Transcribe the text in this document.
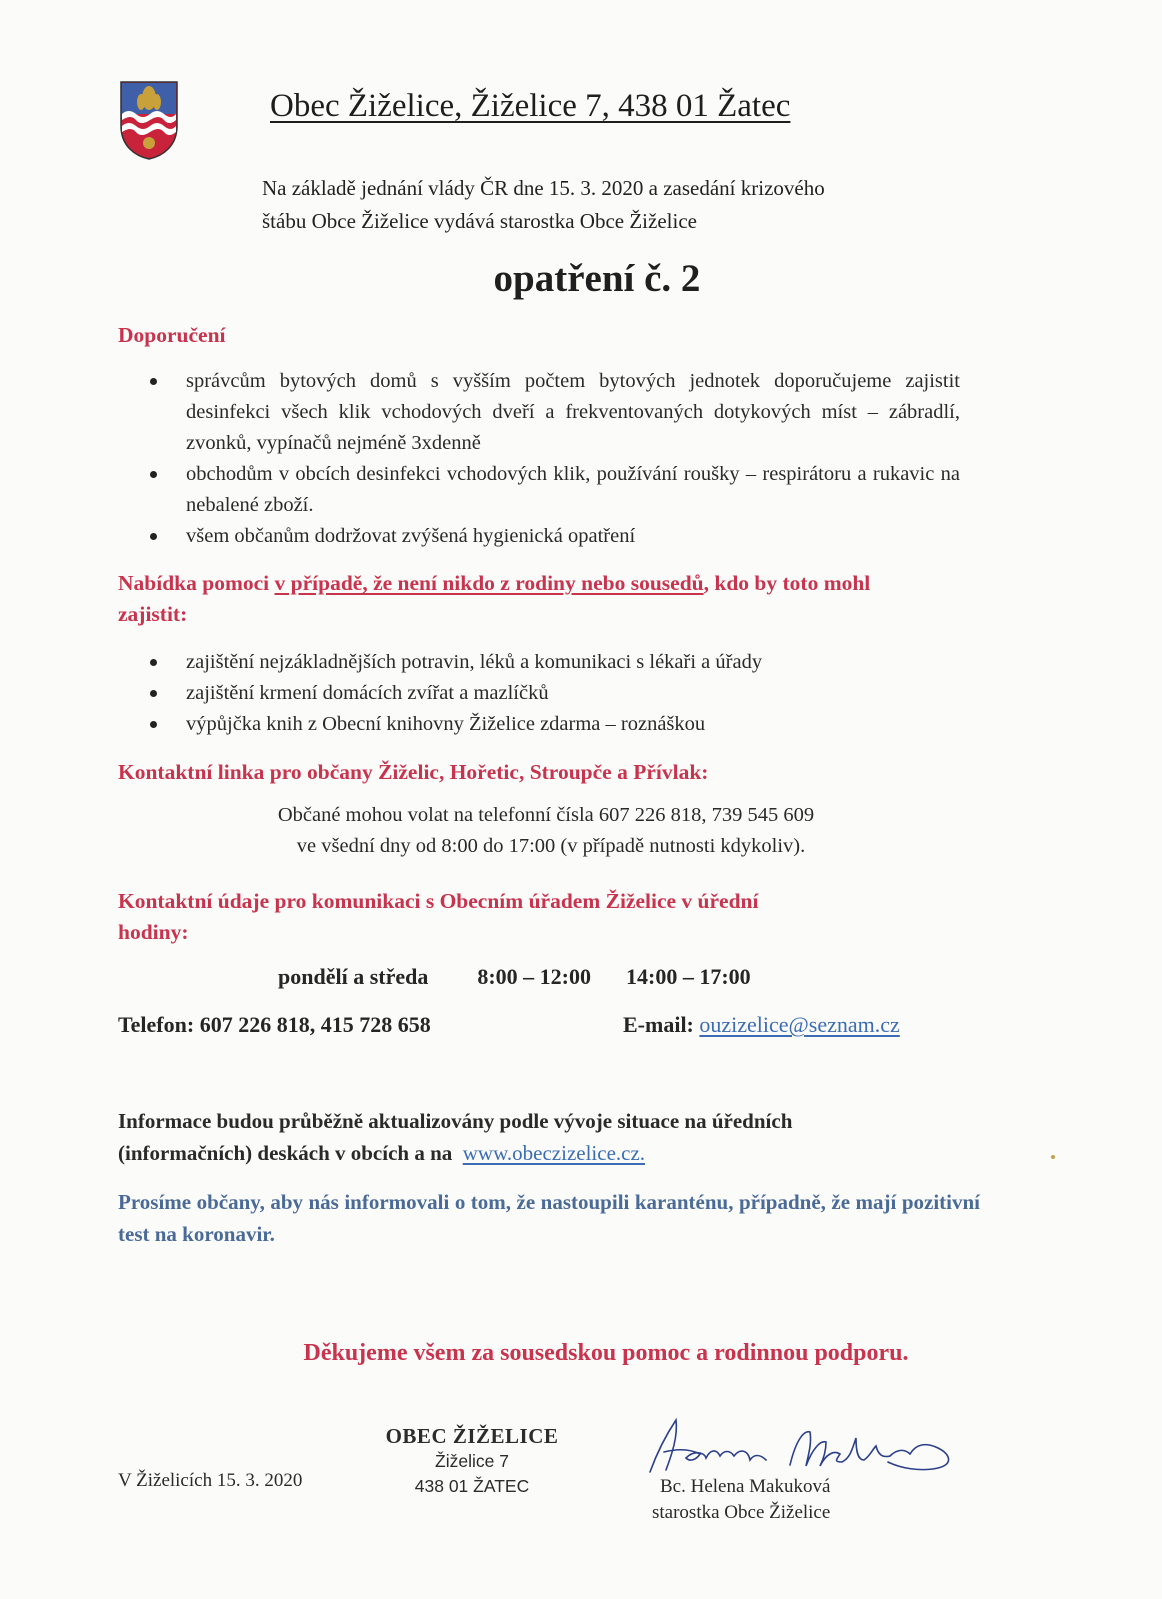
Obec Žiželice, Žiželice 7, 438 01 Žatec
Na základě jednání vlády ČR dne 15. 3. 2020 a zasedání krizového
štábu Obce Žiželice vydává starostka Obce Žiželice
opatření č. 2
Doporučení
správcům bytových domů s vyšším počtem bytových jednotek doporučujeme zajistit desinfekci všech klik vchodových dveří a frekventovaných dotykových míst – zábradlí, zvonků, vypínačů nejméně 3xdenně
obchodům v obcích desinfekci vchodových klik, používání roušky – respirátoru a rukavic na nebalené zboží.
všem občanům dodržovat zvýšená hygienická opatření
Nabídka pomoci v případě, že není nikdo z rodiny nebo sousedů, kdo by toto mohl zajistit:
zajištění nejzákladnějších potravin, léků a komunikaci s lékaři a úřady
zajištění krmení domácích zvířat a mazlíčků
výpůjčka knih z Obecní knihovny Žiželice zdarma – roznáškou
Kontaktní linka pro občany Žiželic, Hořetic, Stroupče a Přívlak:
Občané mohou volat na telefonní čísla 607 226 818, 739 545 609
ve všední dny od 8:00 do 17:00 (v případě nutnosti kdykoliv).
Kontaktní údaje pro komunikaci s Obecním úřadem Žiželice v úřední
hodiny:
pondělí a středa 8:00 – 12:00 14:00 – 17:00
Telefon: 607 226 818, 415 728 658	E-mail: ouzizelice@seznam.cz
Informace budou průběžně aktualizovány podle vývoje situace na úředních
(informačních) deskách v obcích a na www.obeczizelice.cz.
Prosíme občany, aby nás informovali o tom, že nastoupili karanténu, případně, že mají pozitivní test na koronavir.
Děkujeme všem za sousedskou pomoc a rodinnou podporu.
V Žiželicích 15. 3. 2020
OBEC ŽIŽELICE
Žiželice 7
438 01 ŽATEC	Bc. Helena Makuková
starostka Obce Žiželice
